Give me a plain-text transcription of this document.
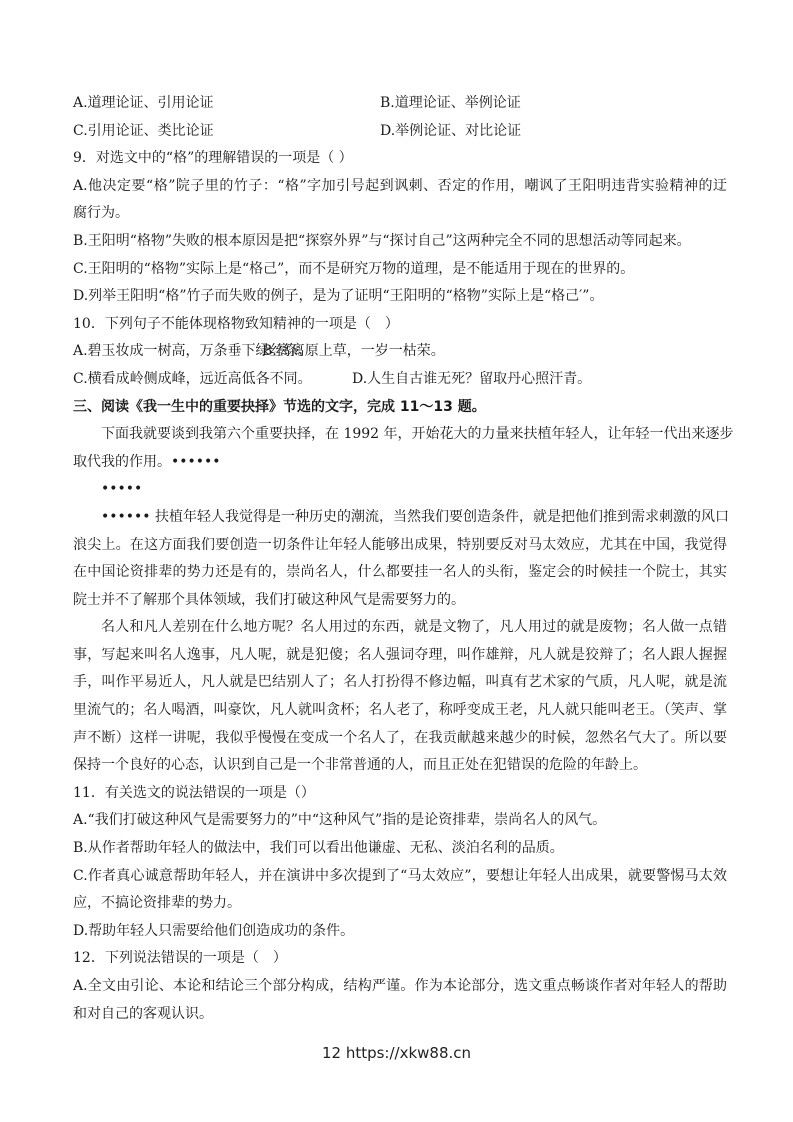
A.道理论证、引用论证	B.道理论证、举例论证
C.引用论证、类比论证	D.举例论证、对比论证
9．对选文中的“格”的理解错误的一项是（ ）
A.他决定要“格”院子里的竹子：“格”字加引号起到讽刺、否定的作用，嘲讽了王阳明违背实验精神的迂
腐行为。
B.王阳明“格物”失败的根本原因是把“探察外界”与“探讨自己”这两种完全不同的思想活动等同起来。
C.王阳明的“格物”实际上是“格己”，而不是研究万物的道理，是不能适用于现在的世界的。
D.列举王阳明“格”竹子而失败的例子，是为了证明“王阳明的“格物”实际上是“格己′”。
10．下列句子不能体现格物致知精神的一项是（　）
A.碧玉妆成一树高，万条垂下绿丝绦。
B.离离原上草，一岁一枯荣。
C.横看成岭侧成峰，远近高低各不同。	D.人生自古谁无死？留取丹心照汗青。
三、阅读《我一生中的重要抉择》节选的文字，完成 11～13 题。
下面我就要谈到我第六个重要抉择，在 1992 年，开始花大的力量来扶植年轻人，让年轻一代出来逐步
取代我的作用。••••••
•••••
•••••• 扶植年轻人我觉得是一种历史的潮流，当然我们要创造条件，就是把他们推到需求刺激的风口
浪尖上。在这方面我们要创造一切条件让年轻人能够出成果，特别要反对马太效应，尤其在中国，我觉得
在中国论资排辈的势力还是有的，崇尚名人，什么都要挂一名人的头衔，鉴定会的时候挂一个院士，其实
院士并不了解那个具体领域，我们打破这种风气是需要努力的。
名人和凡人差别在什么地方呢？名人用过的东西，就是文物了，凡人用过的就是废物；名人做一点错
事，写起来叫名人逸事，凡人呢，就是犯傻；名人强词夺理，叫作雄辩，凡人就是狡辩了；名人跟人握握
手，叫作平易近人，凡人就是巴结别人了；名人打扮得不修边幅，叫真有艺术家的气质，凡人呢，就是流
里流气的；名人喝酒，叫豪饮，凡人就叫贪杯；名人老了，称呼变成王老，凡人就只能叫老王。（笑声、掌
声不断）这样一讲呢，我似乎慢慢在变成一个名人了，在我贡献越来越少的时候，忽然名气大了。所以要
保持一个良好的心态，认识到自己是一个非常普通的人，而且正处在犯错误的危险的年龄上。
11．有关选文的说法错误的一项是（）
A.“我们打破这种风气是需要努力的”中“这种风气”指的是论资排辈，崇尚名人的风气。
B.从作者帮助年轻人的做法中，我们可以看出他谦虚、无私、淡泊名利的品质。
C.作者真心诚意帮助年轻人，并在演讲中多次提到了“马太效应”，要想让年轻人出成果，就要警惕马太效
应，不搞论资排辈的势力。
D.帮助年轻人只需要给他们创造成功的条件。
12．下列说法错误的一项是（　）
A.全文由引论、本论和结论三个部分构成，结构严谨。作为本论部分，选文重点畅谈作者对年轻人的帮助
和对自己的客观认识。
12 https://xkw88.cn
